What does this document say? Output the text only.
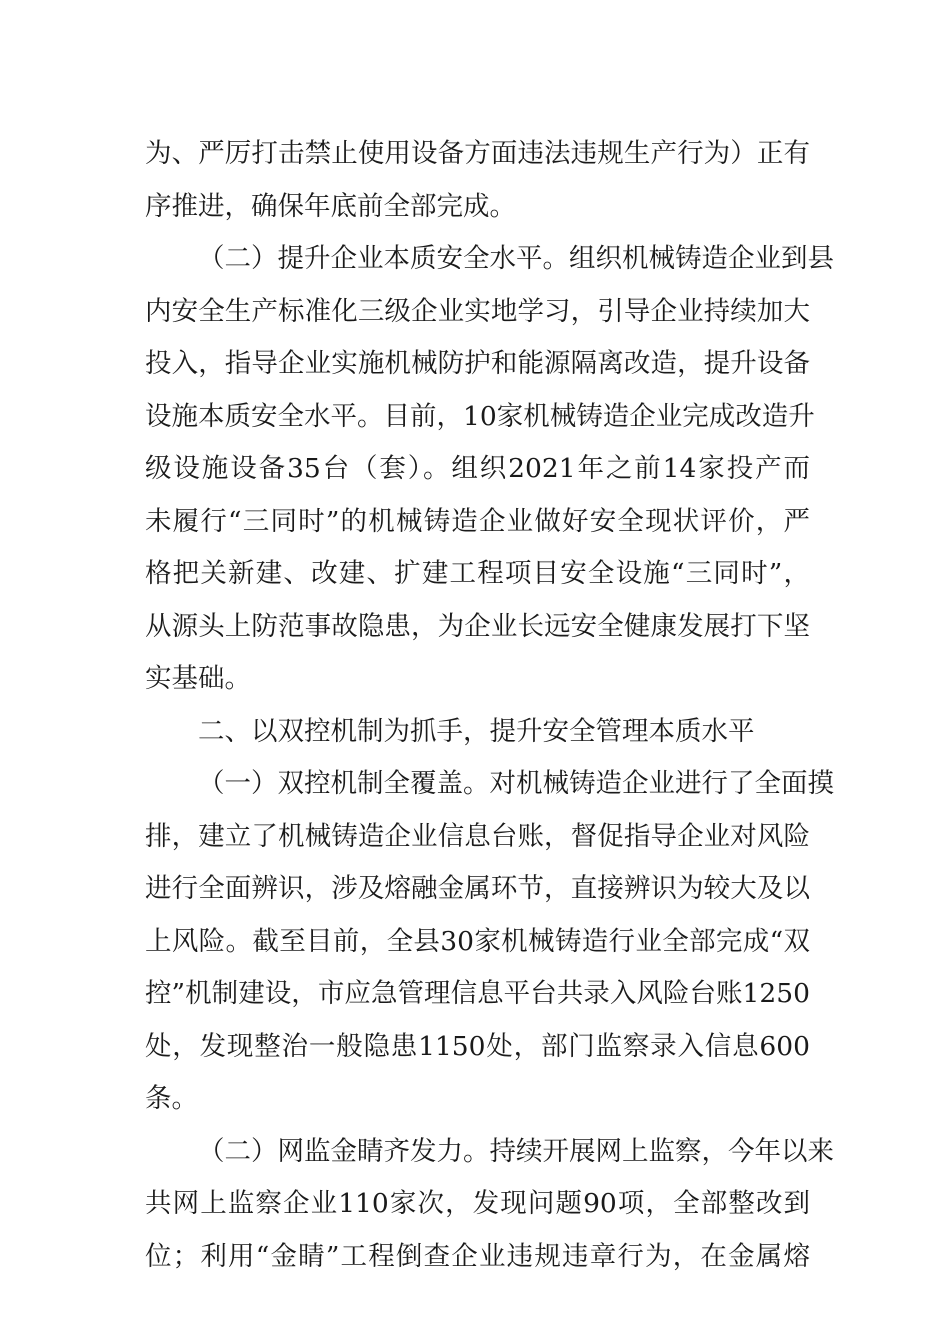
为、严厉打击禁止使用设备方面违法违规生产行为）正有
序推进，确保年底前全部完成。
（二）提升企业本质安全水平。组织机械铸造企业到县
内安全生产标准化三级企业实地学习，引导企业持续加大
投入，指导企业实施机械防护和能源隔离改造，提升设备
设施本质安全水平。目前，10家机械铸造企业完成改造升
级设施设备35台（套）。组织2021年之前14家投产而
未履行“三同时”的机械铸造企业做好安全现状评价，严
格把关新建、改建、扩建工程项目安全设施“三同时”，
从源头上防范事故隐患，为企业长远安全健康发展打下坚
实基础。
二、以双控机制为抓手，提升安全管理本质水平
（一）双控机制全覆盖。对机械铸造企业进行了全面摸
排，建立了机械铸造企业信息台账，督促指导企业对风险
进行全面辨识，涉及熔融金属环节，直接辨识为较大及以
上风险。截至目前，全县30家机械铸造行业全部完成“双
控”机制建设，市应急管理信息平台共录入风险台账1250
处，发现整治一般隐患1150处，部门监察录入信息600
条。
（二）网监金睛齐发力。持续开展网上监察，今年以来
共网上监察企业110家次，发现问题90项，全部整改到
位；利用“金睛”工程倒查企业违规违章行为，在金属熔
